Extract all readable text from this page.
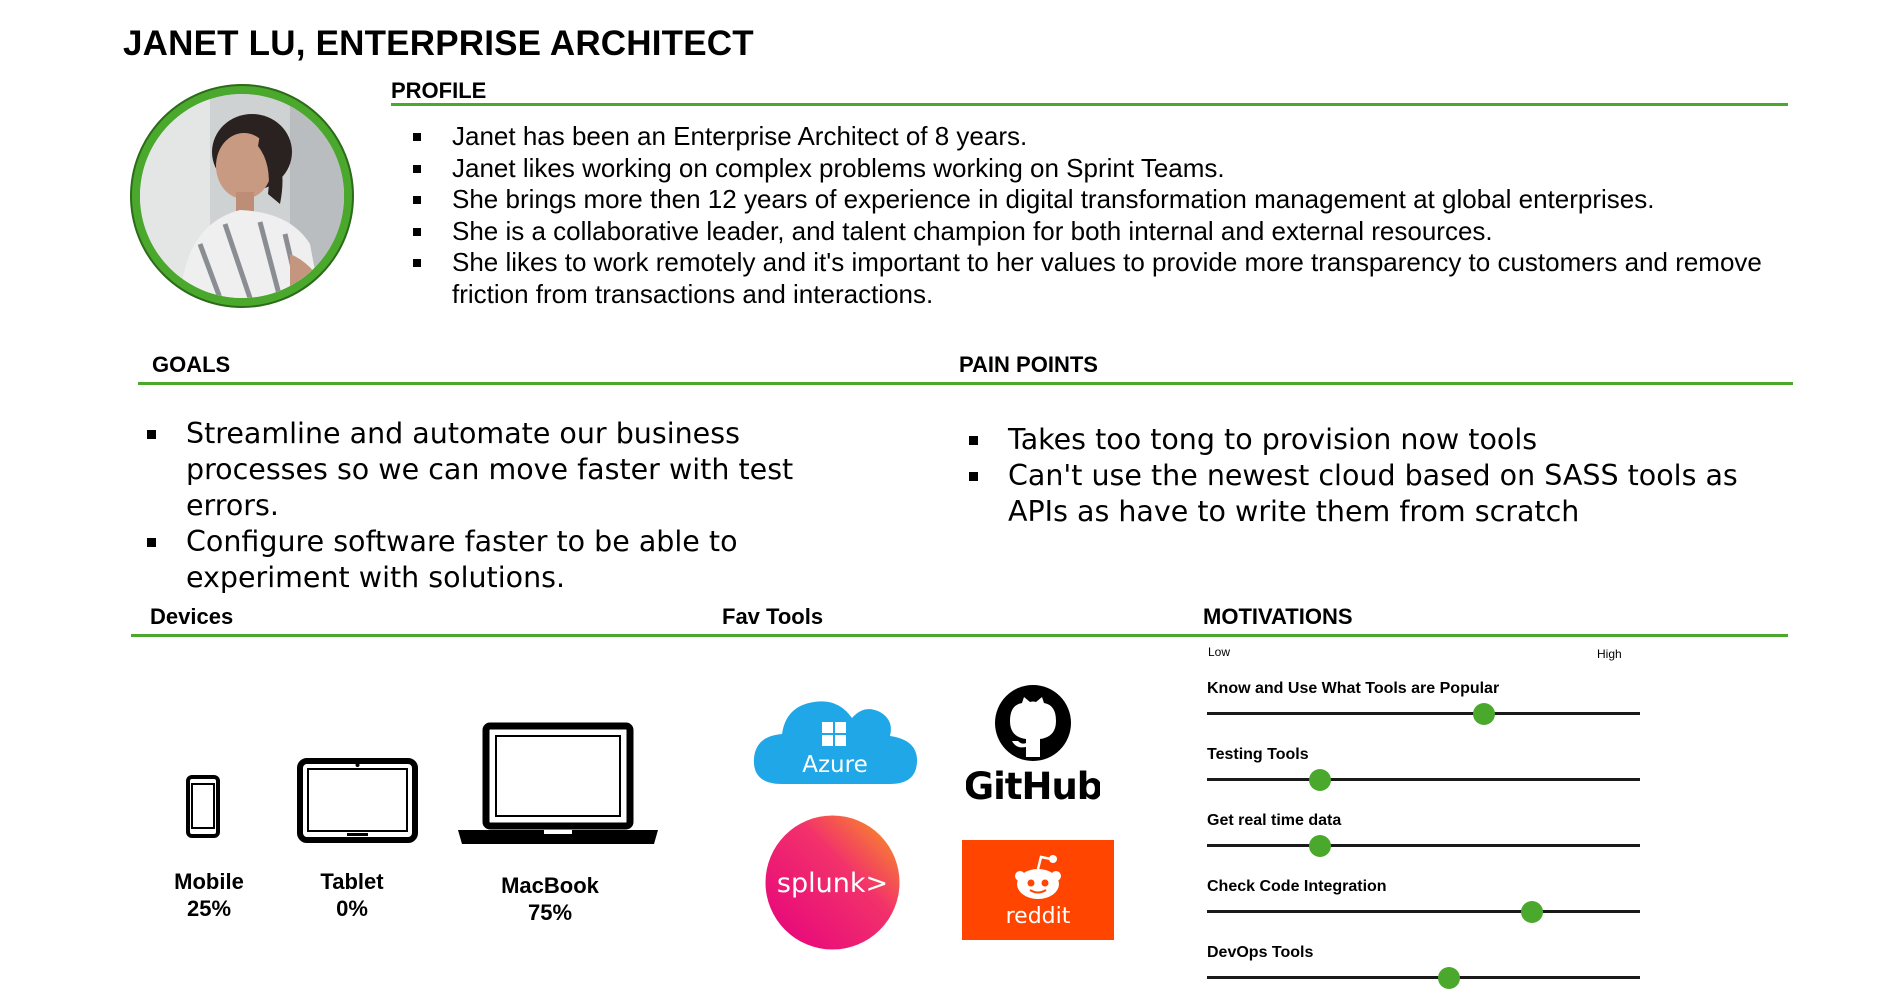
JANET LU, ENTERPRISE ARCHITECT
PROFILE
Janet has been an Enterprise Architect of 8 years.
Janet likes working on complex problems working on Sprint Teams.
She brings more then 12 years of experience in digital transformation management at global enterprises.
She is a collaborative leader, and talent champion for both internal and external resources.
She likes to work remotely and it's important to her values to provide more transparency to customers and remove friction from transactions and interactions.
GOALS	PAIN POINTS
Streamline and automate our business processes so we can move faster with test errors.
Configure software faster to be able to experiment with solutions.
Takes too tong to provision now tools
Can't use the newest cloud based on SASS tools as APIs as have to write them from scratch
Devices	Fav Tools	MOTIVATIONS
Mobile
25%
Tablet
0%
MacBook
75%
Azure	GitHub
splunk>
reddit
Low	High
Know and Use What Tools are Popular
Testing Tools
Get real time data
Check Code Integration
DevOps Tools
